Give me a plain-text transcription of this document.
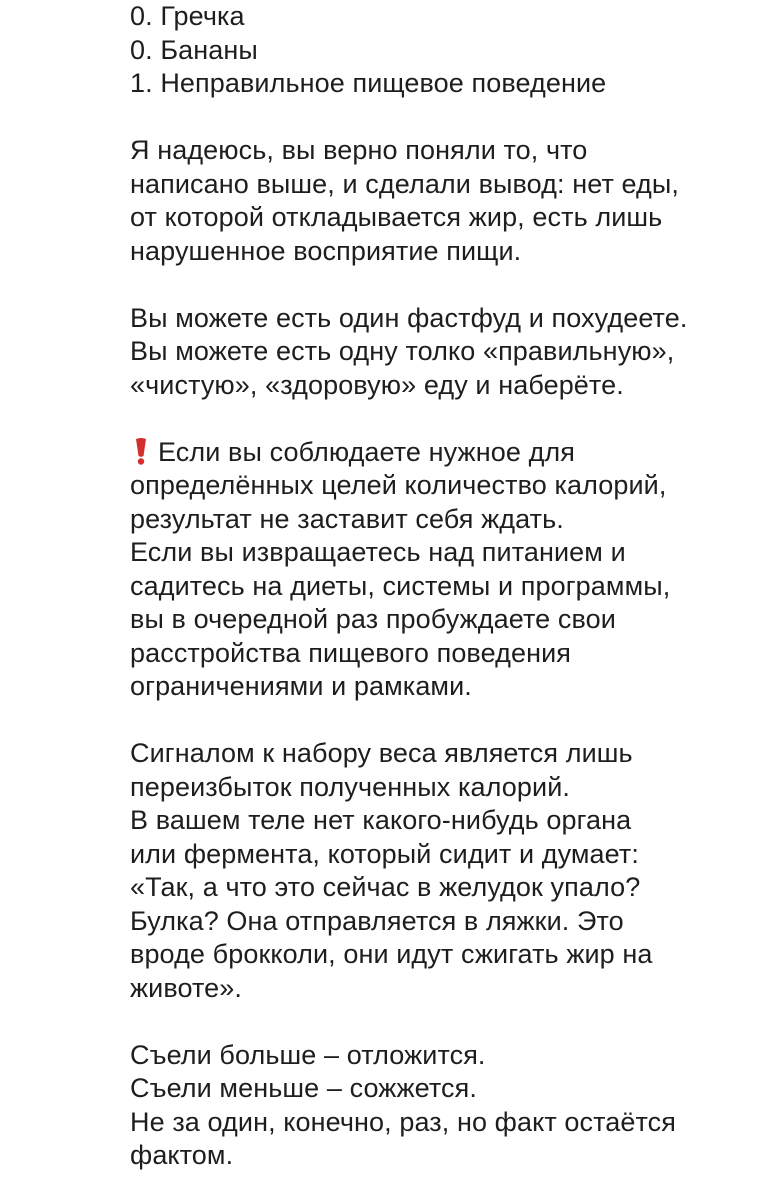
0. Гречка
0. Бананы
1. Неправильное пищевое поведение
Я надеюсь, вы верно поняли то, что
написано выше, и сделали вывод: нет еды,
от которой откладывается жир, есть лишь
нарушенное восприятие пищи.
Вы можете есть один фастфуд и похудеете.
Вы можете есть одну толко «правильную»,
«чистую», «здоровую» еду и наберёте.
Если вы соблюдаете нужное для
определённых целей количество калорий,
результат не заставит себя ждать.
Если вы извращаетесь над питанием и
садитесь на диеты, системы и программы,
вы в очередной раз пробуждаете свои
расстройства пищевого поведения
ограничениями и рамками.
Сигналом к набору веса является лишь
переизбыток полученных калорий.
В вашем теле нет какого-нибудь органа
или фермента, который сидит и думает:
«Так, а что это сейчас в желудок упало?
Булка? Она отправляется в ляжки. Это
вроде брокколи, они идут сжигать жир на
животе».
Съели больше – отложится.
Съели меньше – сожжется.
Не за один, конечно, раз, но факт остаётся
фактом.
